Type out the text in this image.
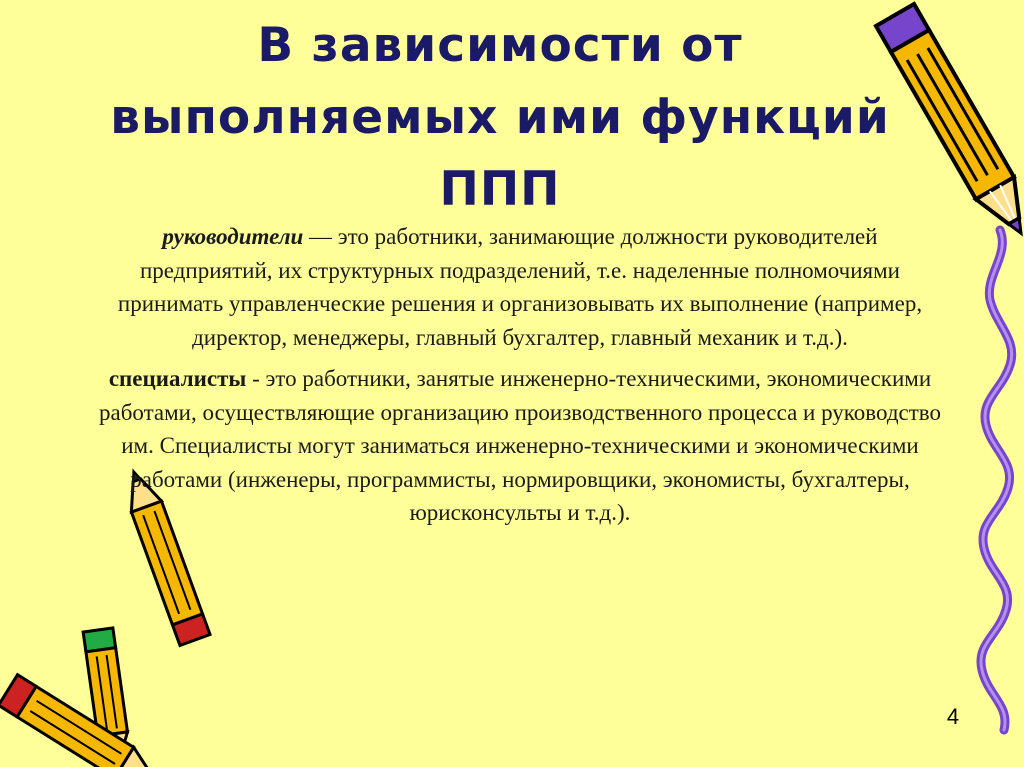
В зависимости от
выполняемых ими функций
ППП

руководители — это работники, занимающие должности руководителей предприятий, их структурных подразделений, т.е. наделенные полномочиями принимать управленческие решения и организовывать их выполнение (например, директор, менеджеры, главный бухгалтер, главный механик и т.д.).

специалисты - это работники, занятые инженерно-техническими, экономическими работами, осуществляющие организацию производственного процесса и руководство им. Специалисты могут заниматься инженерно-техническими и экономическими работами (инженеры, программисты, нормировщики, экономисты, бухгалтеры, юрисконсульты и т.д.).

4
